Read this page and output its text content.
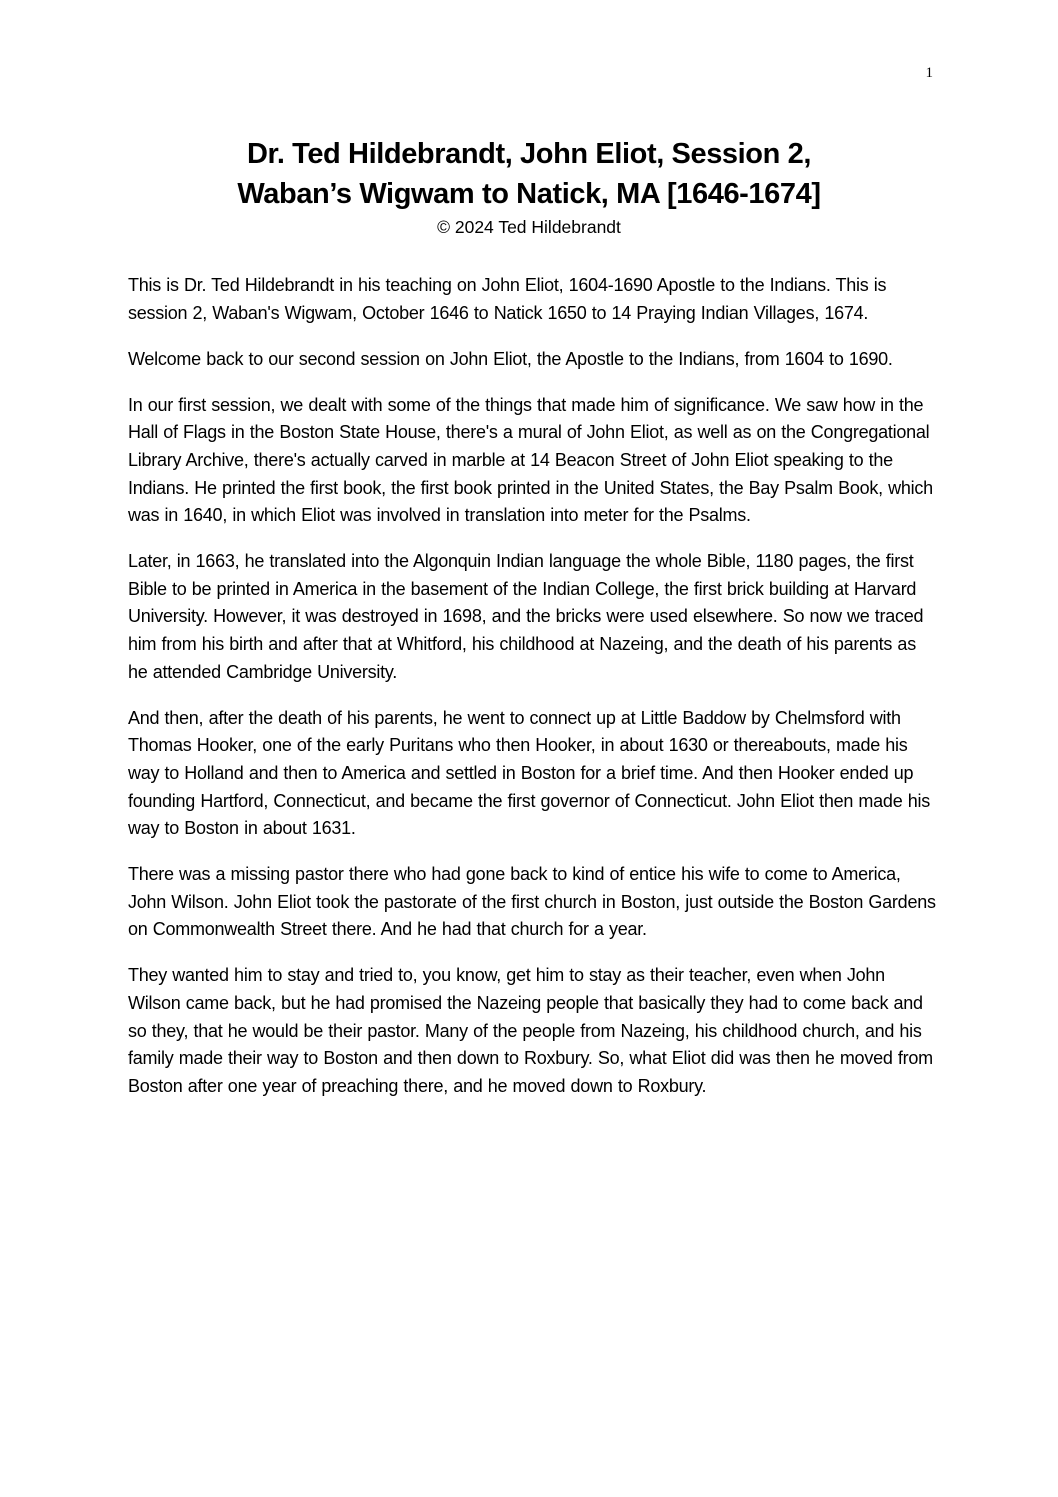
1
Dr. Ted Hildebrandt, John Eliot, Session 2,
Waban’s Wigwam to Natick, MA [1646-1674]
© 2024 Ted Hildebrandt

This is Dr. Ted Hildebrandt in his teaching on John Eliot, 1604-1690 Apostle to the Indians. This is session 2, Waban's Wigwam, October 1646 to Natick 1650 to 14 Praying Indian Villages, 1674.

Welcome back to our second session on John Eliot, the Apostle to the Indians, from 1604 to 1690.

In our first session, we dealt with some of the things that made him of significance. We saw how in the Hall of Flags in the Boston State House, there's a mural of John Eliot, as well as on the Congregational Library Archive, there's actually carved in marble at 14 Beacon Street of John Eliot speaking to the Indians. He printed the first book, the first book printed in the United States, the Bay Psalm Book, which was in 1640, in which Eliot was involved in translation into meter for the Psalms.

Later, in 1663, he translated into the Algonquin Indian language the whole Bible, 1180 pages, the first Bible to be printed in America in the basement of the Indian College, the first brick building at Harvard University. However, it was destroyed in 1698, and the bricks were used elsewhere. So now we traced him from his birth and after that at Whitford, his childhood at Nazeing, and the death of his parents as he attended Cambridge University.

And then, after the death of his parents, he went to connect up at Little Baddow by Chelmsford with Thomas Hooker, one of the early Puritans who then Hooker, in about 1630 or thereabouts, made his way to Holland and then to America and settled in Boston for a brief time. And then Hooker ended up founding Hartford, Connecticut, and became the first governor of Connecticut. John Eliot then made his way to Boston in about 1631.

There was a missing pastor there who had gone back to kind of entice his wife to come to America, John Wilson. John Eliot took the pastorate of the first church in Boston, just outside the Boston Gardens on Commonwealth Street there. And he had that church for a year.

They wanted him to stay and tried to, you know, get him to stay as their teacher, even when John Wilson came back, but he had promised the Nazeing people that basically they had to come back and so they, that he would be their pastor. Many of the people from Nazeing, his childhood church, and his family made their way to Boston and then down to Roxbury. So, what Eliot did was then he moved from Boston after one year of preaching there, and he moved down to Roxbury.
